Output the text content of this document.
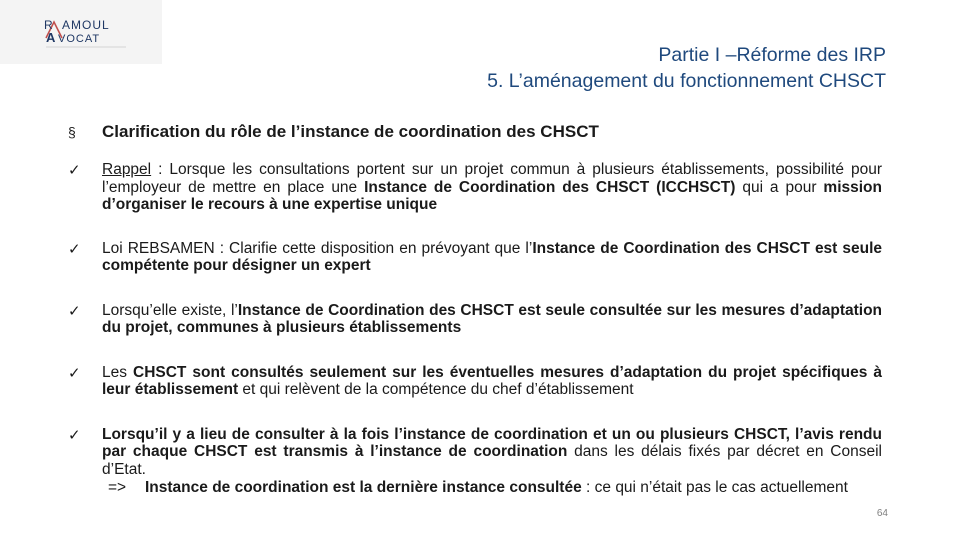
R AMOUL
A VOCAT
Partie I –Réforme des IRP
5. L’aménagement du fonctionnement CHSCT
§	Clarification du rôle de l’instance de coordination des CHSCT
✓	Rappel : Lorsque les consultations portent sur un projet commun à plusieurs établissements, possibilité pour l’employeur de mettre en place une Instance de Coordination des CHSCT (ICCHSCT) qui a pour mission d’organiser le recours à une expertise unique
✓	Loi REBSAMEN : Clarifie cette disposition en prévoyant que l’Instance de Coordination des CHSCT est seule compétente pour désigner un expert
✓	Lorsqu’elle existe, l’Instance de Coordination des CHSCT est seule consultée sur les mesures d’adaptation du projet, communes à plusieurs établissements
✓	Les CHSCT sont consultés seulement sur les éventuelles mesures d’adaptation du projet spécifiques à leur établissement et qui relèvent de la compétence du chef d’établissement
✓	Lorsqu’il y a lieu de consulter à la fois l’instance de coordination et un ou plusieurs CHSCT, l’avis rendu par chaque CHSCT est transmis à l’instance de coordination dans les délais fixés par décret en Conseil d’Etat.
=>	Instance de coordination est la dernière instance consultée : ce qui n’était pas le cas actuellement
64
